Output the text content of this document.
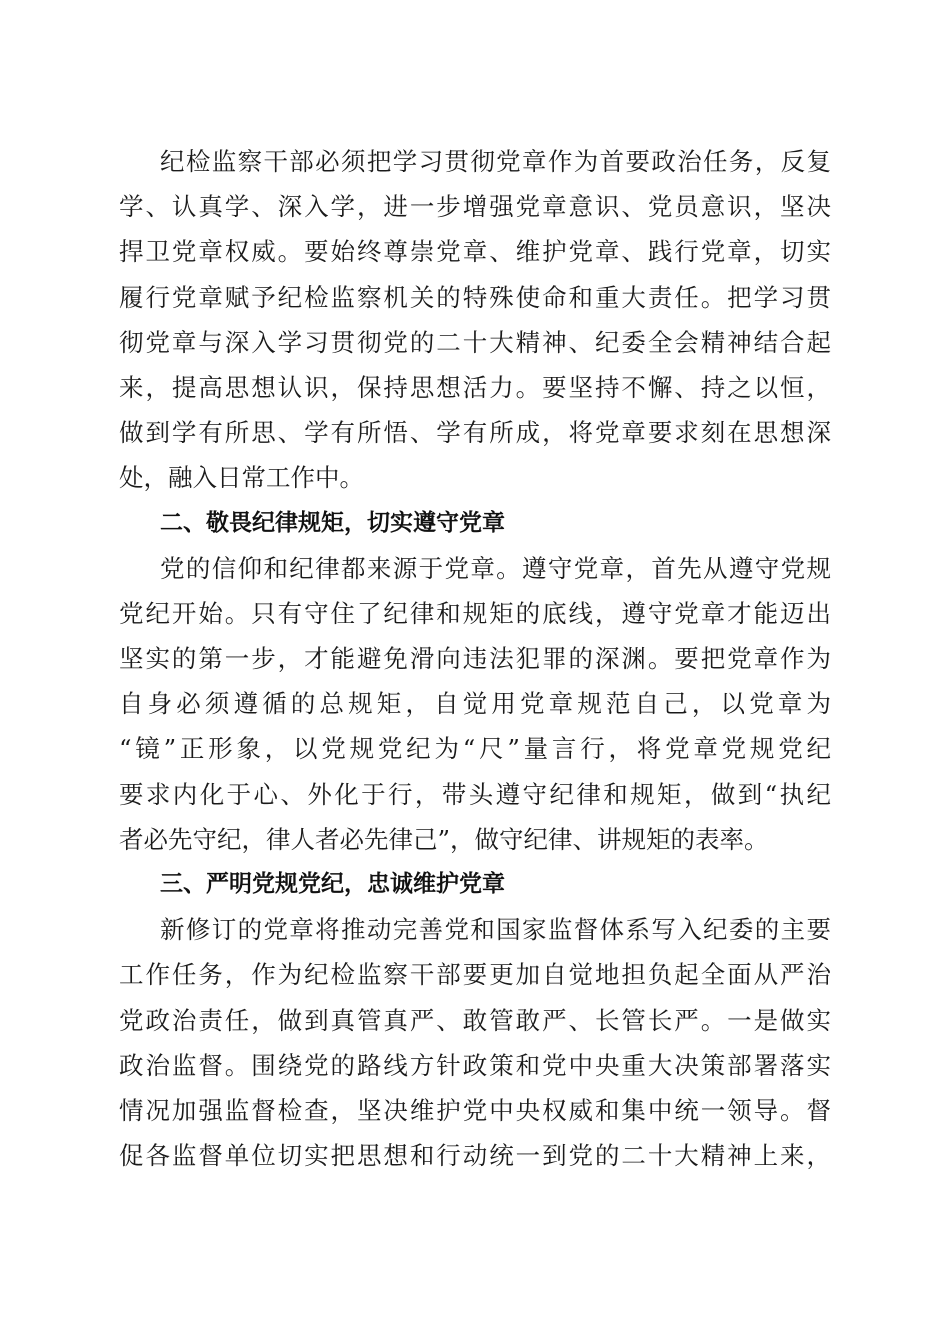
纪检监察干部必须把学习贯彻党章作为首要政治任务，反复
学、认真学、深入学，进一步增强党章意识、党员意识，坚决
捍卫党章权威。要始终尊崇党章、维护党章、践行党章，切实
履行党章赋予纪检监察机关的特殊使命和重大责任。把学习贯
彻党章与深入学习贯彻党的二十大精神、纪委全会精神结合起
来，提高思想认识，保持思想活力。要坚持不懈、持之以恒，
做到学有所思、学有所悟、学有所成，将党章要求刻在思想深
处，融入日常工作中。
二、敬畏纪律规矩，切实遵守党章
党的信仰和纪律都来源于党章。遵守党章，首先从遵守党规
党纪开始。只有守住了纪律和规矩的底线，遵守党章才能迈出
坚实的第一步，才能避免滑向违法犯罪的深渊。要把党章作为
自身必须遵循的总规矩，自觉用党章规范自己，以党章为
“镜”正形象，以党规党纪为“尺”量言行，将党章党规党纪
要求内化于心、外化于行，带头遵守纪律和规矩，做到“执纪
者必先守纪，律人者必先律己”，做守纪律、讲规矩的表率。
三、严明党规党纪，忠诚维护党章
新修订的党章将推动完善党和国家监督体系写入纪委的主要
工作任务，作为纪检监察干部要更加自觉地担负起全面从严治
党政治责任，做到真管真严、敢管敢严、长管长严。一是做实
政治监督。围绕党的路线方针政策和党中央重大决策部署落实
情况加强监督检查，坚决维护党中央权威和集中统一领导。督
促各监督单位切实把思想和行动统一到党的二十大精神上来，
